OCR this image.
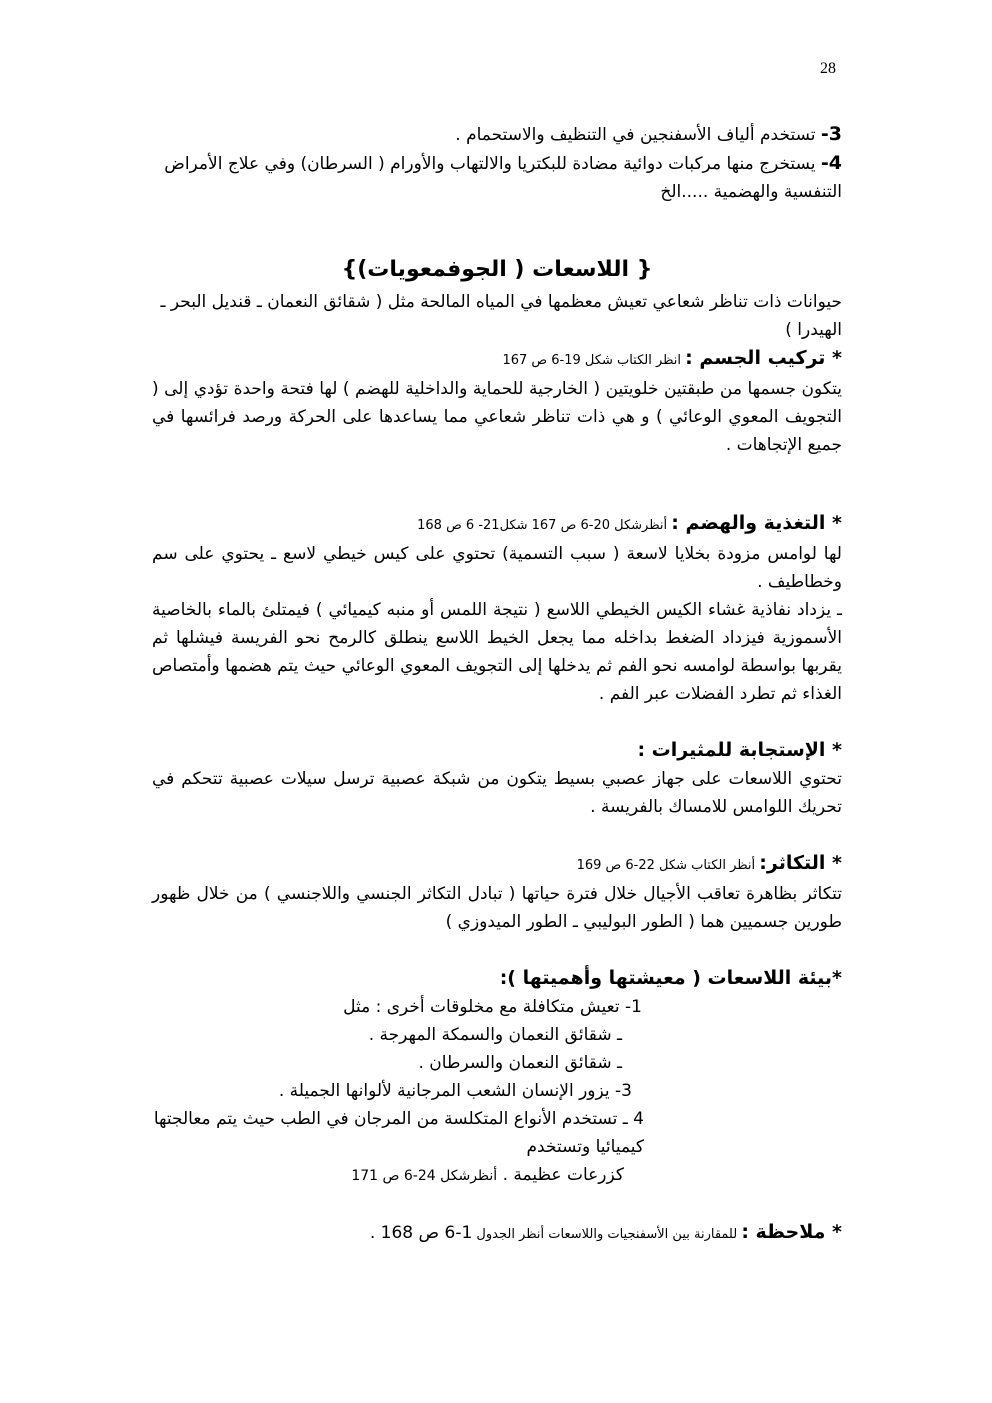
28

3- تستخدم ألياف الأسفنجين في التنظيف والاستحمام .

4- يستخرج منها مركبات دوائية مضادة للبكتريا والالتهاب والأورام ( السرطان) وفي علاج الأمراض التنفسية والهضمية .....الخ

{ اللاسعات ( الجوفمعويات)}

حيوانات ذات تناظر شعاعي تعيش معظمها في المياه المالحة مثل ( شقائق النعمان ـ قنديل البحر ـ الهيدرا )

* تركيب الجسم : انظر الكتاب شكل 19-6 ص 167

يتكون جسمها من طبقتين خلويتين ( الخارجية للحماية والداخلية للهضم ) لها فتحة واحدة تؤدي إلى ( التجويف المعوي الوعائي ) و هي ذات تناظر شعاعي مما يساعدها على الحركة ورصد فرائسها في جميع الإتجاهات .

* التغذية والهضم : أنظرشكل 20-6 ص 167 شكل21- 6 ص 168

لها لوامس مزودة بخلايا لاسعة ( سبب التسمية) تحتوي على كيس خيطي لاسع ـ يحتوي على سم وخطاطيف .

ـ يزداد نفاذية غشاء الكيس الخيطي اللاسع ( نتيجة اللمس أو منبه كيميائي ) فيمتلئ بالماء بالخاصية الأسموزية فيزداد الضغط بداخله مما يجعل الخيط اللاسع ينطلق كالرمح نحو الفريسة فيشلها ثم يقربها بواسطة لوامسه نحو الفم ثم يدخلها إلى التجويف المعوي الوعائي حيث يتم هضمها وأمتصاص الغذاء ثم تطرد الفضلات عبر الفم .

* الإستجابة للمثيرات :

تحتوي اللاسعات على جهاز عصبي بسيط يتكون من شبكة عصبية ترسل سيلات عصبية تتحكم في تحريك اللوامس للامساك بالفريسة .

* التكاثر: أنظر الكتاب شكل 22-6 ص 169

تتكاثر بظاهرة تعاقب الأجيال خلال فترة حياتها ( تبادل التكاثر الجنسي واللاجنسي ) من خلال ظهور طورين جسميين هما ( الطور البوليبي ـ الطور الميدوزي )

*بيئة اللاسعات ( معيشتها وأهميتها ):

1- تعيش متكافلة مع مخلوقات أخرى : مثل

ـ شقائق النعمان والسمكة المهرجة .

ـ شقائق النعمان والسرطان .

3- يزور الإنسان الشعب المرجانية لألوانها الجميلة .

4 ـ تستخدم الأنواع المتكلسة من المرجان في الطب حيث يتم معالجتها كيميائيا وتستخدم

كزرعات عظيمة . أنظرشكل 24-6 ص 171

* ملاحظة : للمقارنة بين الأسفنجيات واللاسعات أنظر الجدول 1-6 ص 168 .
